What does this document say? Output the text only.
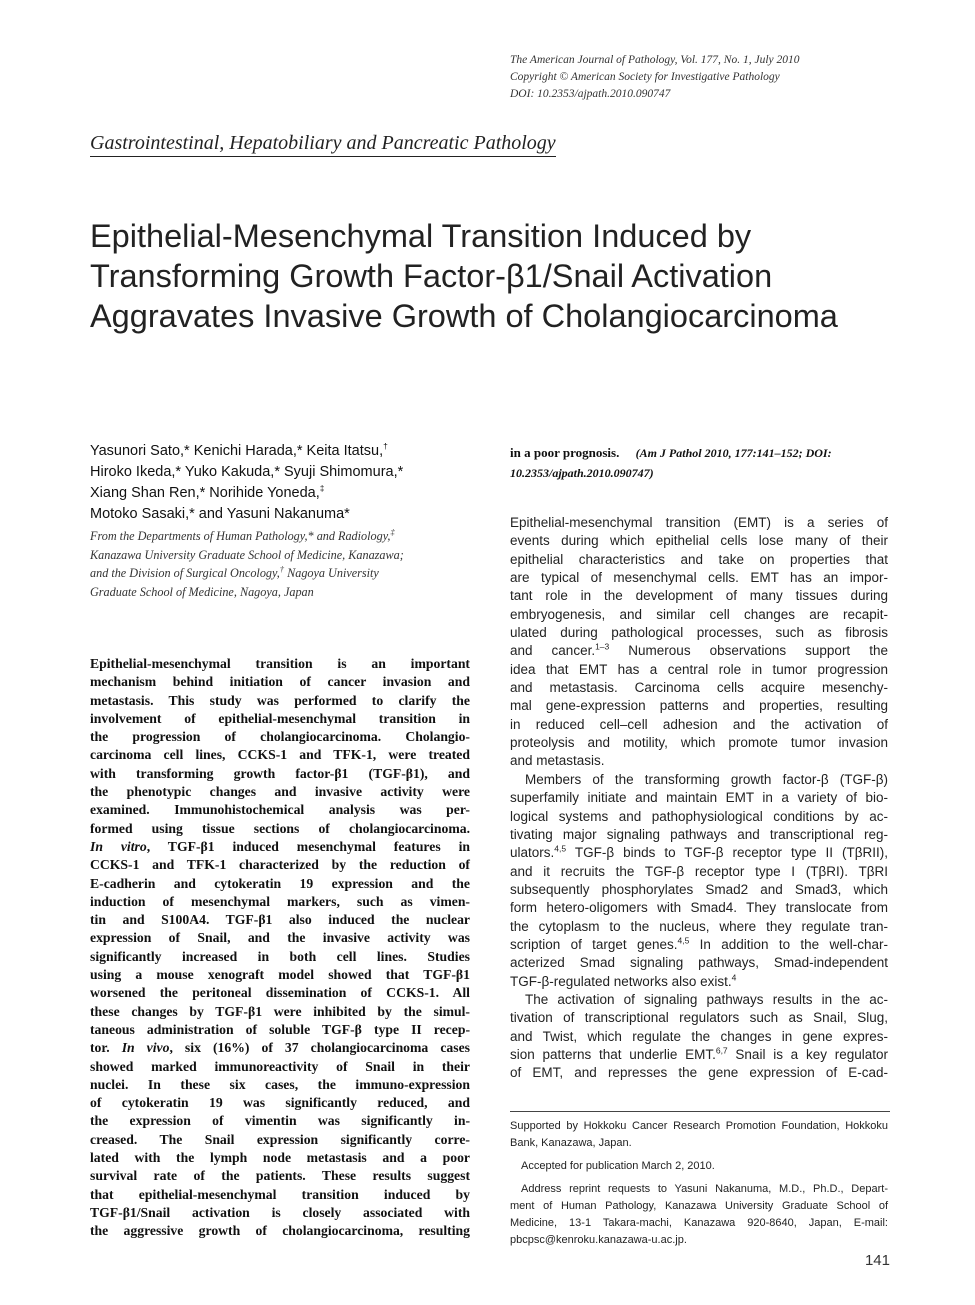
The American Journal of Pathology, Vol. 177, No. 1, July 2010
Copyright © American Society for Investigative Pathology
DOI: 10.2353/ajpath.2010.090747
Gastrointestinal, Hepatobiliary and Pancreatic Pathology
Epithelial-Mesenchymal Transition Induced by
Transforming Growth Factor-β1/Snail Activation
Aggravates Invasive Growth of Cholangiocarcinoma
Yasunori Sato,* Kenichi Harada,* Keita Itatsu,†
Hiroko Ikeda,* Yuko Kakuda,* Syuji Shimomura,*
Xiang Shan Ren,* Norihide Yoneda,‡
Motoko Sasaki,* and Yasuni Nakanuma*
From the Departments of Human Pathology,* and Radiology,‡
Kanazawa University Graduate School of Medicine, Kanazawa;
and the Division of Surgical Oncology,† Nagoya University
Graduate School of Medicine, Nagoya, Japan
Epithelial-mesenchymal transition is an important
mechanism behind initiation of cancer invasion and
metastasis. This study was performed to clarify the
involvement of epithelial-mesenchymal transition in
the progression of cholangiocarcinoma. Cholangio-
carcinoma cell lines, CCKS-1 and TFK-1, were treated
with transforming growth factor-β1 (TGF-β1), and
the phenotypic changes and invasive activity were
examined. Immunohistochemical analysis was per-
formed using tissue sections of cholangiocarcinoma.
In vitro, TGF-β1 induced mesenchymal features in
CCKS-1 and TFK-1 characterized by the reduction of
E-cadherin and cytokeratin 19 expression and the
induction of mesenchymal markers, such as vimen-
tin and S100A4. TGF-β1 also induced the nuclear
expression of Snail, and the invasive activity was
significantly increased in both cell lines. Studies
using a mouse xenograft model showed that TGF-β1
worsened the peritoneal dissemination of CCKS-1. All
these changes by TGF-β1 were inhibited by the simul-
taneous administration of soluble TGF-β type II recep-
tor. In vivo, six (16%) of 37 cholangiocarcinoma cases
showed marked immunoreactivity of Snail in their
nuclei. In these six cases, the immuno-expression
of cytokeratin 19 was significantly reduced, and
the expression of vimentin was significantly in-
creased. The Snail expression significantly corre-
lated with the lymph node metastasis and a poor
survival rate of the patients. These results suggest
that epithelial-mesenchymal transition induced by
TGF-β1/Snail activation is closely associated with
the aggressive growth of cholangiocarcinoma, resulting
in a poor prognosis. (Am J Pathol 2010, 177:141–152; DOI:
10.2353/ajpath.2010.090747)
Epithelial-mesenchymal transition (EMT) is a series of
events during which epithelial cells lose many of their
epithelial characteristics and take on properties that
are typical of mesenchymal cells. EMT has an impor-
tant role in the development of many tissues during
embryogenesis, and similar cell changes are recapit-
ulated during pathological processes, such as fibrosis
and cancer.$^{1-3}$ Numerous observations support the
idea that EMT has a central role in tumor progression
and metastasis. Carcinoma cells acquire mesenchy-
mal gene-expression patterns and properties, resulting
in reduced cell–cell adhesion and the activation of
proteolysis and motility, which promote tumor invasion
and metastasis.
Members of the transforming growth factor-β (TGF-β)
superfamily initiate and maintain EMT in a variety of bio-
logical systems and pathophysiological conditions by ac-
tivating major signaling pathways and transcriptional reg-
ulators.$^{4,5}$ TGF-β binds to TGF-β receptor type II (TβRII),
and it recruits the TGF-β receptor type I (TβRI). TβRI
subsequently phosphorylates Smad2 and Smad3, which
form hetero-oligomers with Smad4. They translocate from
the cytoplasm to the nucleus, where they regulate tran-
scription of target genes.$^{4,5}$ In addition to the well-char-
acterized Smad signaling pathways, Smad-independent
TGF-β-regulated networks also exist.$^4$
The activation of signaling pathways results in the ac-
tivation of transcriptional regulators such as Snail, Slug,
and Twist, which regulate the changes in gene expres-
sion patterns that underlie EMT.$^{6,7}$ Snail is a key regulator
of EMT, and represses the gene expression of E-cad-
Supported by Hokkoku Cancer Research Promotion Foundation, Hokkoku
Bank, Kanazawa, Japan.
Accepted for publication March 2, 2010.
Address reprint requests to Yasuni Nakanuma, M.D., Ph.D., Depart-
ment of Human Pathology, Kanazawa University Graduate School of
Medicine, 13-1 Takara-machi, Kanazawa 920-8640, Japan, E-mail:
pbcpsc@kenroku.kanazawa-u.ac.jp.
141
